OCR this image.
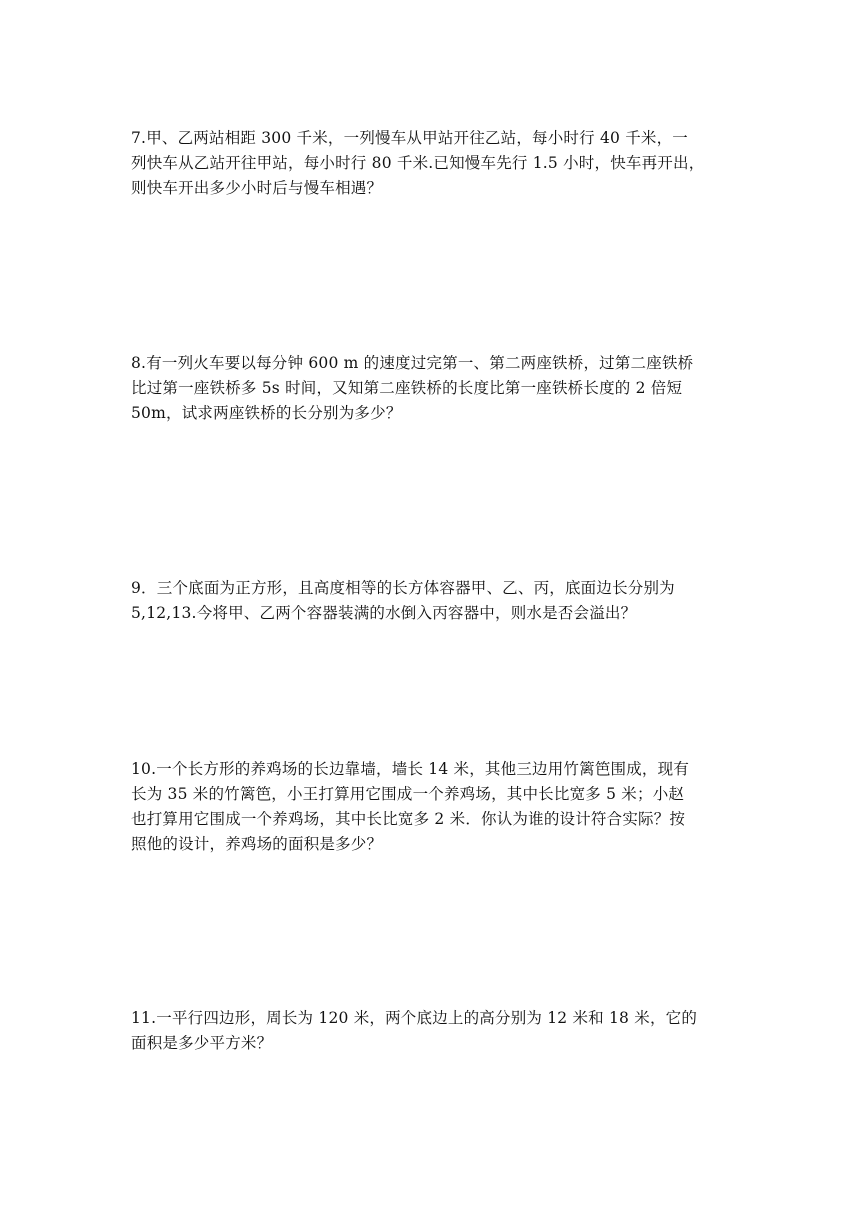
7.甲、乙两站相距 300 千米，一列慢车从甲站开往乙站，每小时行 40 千米，一
列快车从乙站开往甲站，每小时行 80 千米.已知慢车先行 1.5 小时，快车再开出，
则快车开出多少小时后与慢车相遇？
8.有一列火车要以每分钟 600 m 的速度过完第一、第二两座铁桥，过第二座铁桥
比过第一座铁桥多 5s 时间，又知第二座铁桥的长度比第一座铁桥长度的 2 倍短
50m，试求两座铁桥的长分别为多少？
9．三个底面为正方形，且高度相等的长方体容器甲、乙、丙，底面边长分别为
5,12,13.今将甲、乙两个容器装满的水倒入丙容器中，则水是否会溢出？
10.一个长方形的养鸡场的长边靠墙，墙长 14 米，其他三边用竹篱笆围成，现有
长为 35 米的竹篱笆，小王打算用它围成一个养鸡场，其中长比宽多 5 米；小赵
也打算用它围成一个养鸡场，其中长比宽多 2 米．你认为谁的设计符合实际？按
照他的设计，养鸡场的面积是多少？
11.一平行四边形，周长为 120 米，两个底边上的高分别为 12 米和 18 米，它的
面积是多少平方米？
